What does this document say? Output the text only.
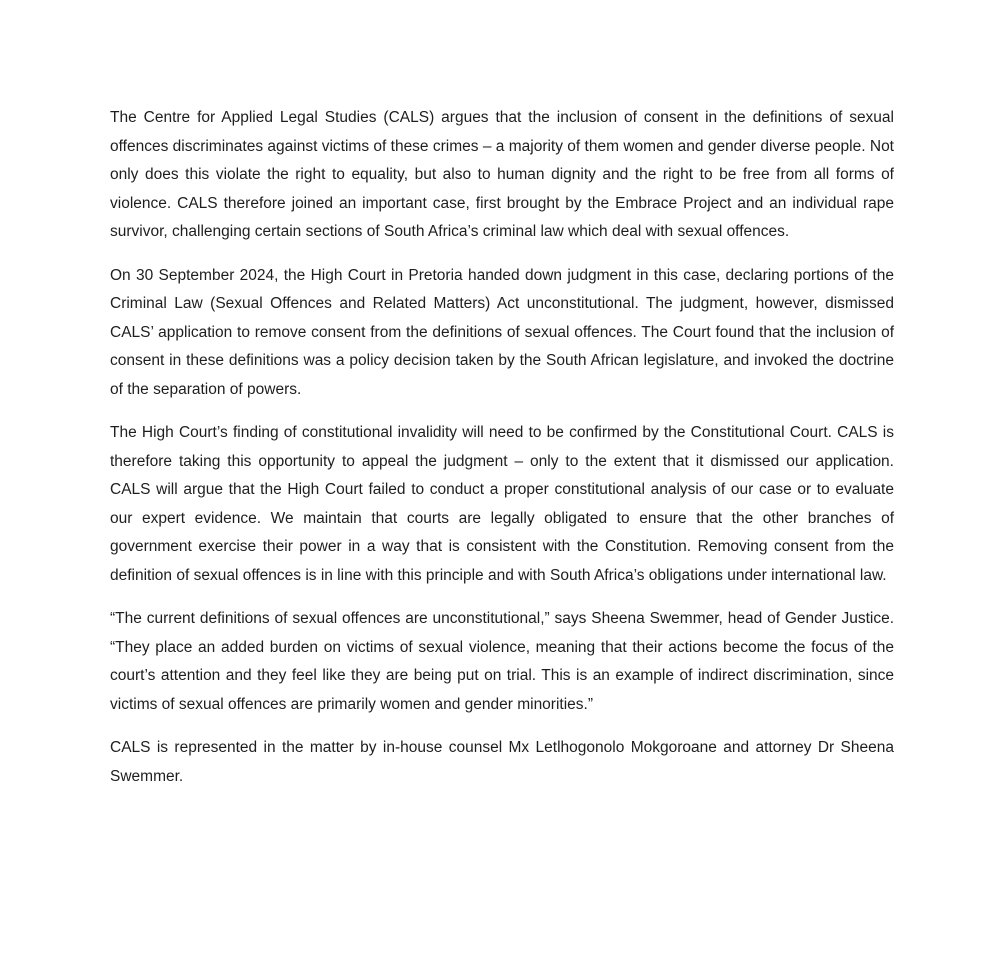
The Centre for Applied Legal Studies (CALS) argues that the inclusion of consent in the definitions of sexual offences discriminates against victims of these crimes – a majority of them women and gender diverse people. Not only does this violate the right to equality, but also to human dignity and the right to be free from all forms of violence. CALS therefore joined an important case, first brought by the Embrace Project and an individual rape survivor, challenging certain sections of South Africa’s criminal law which deal with sexual offences.

On 30 September 2024, the High Court in Pretoria handed down judgment in this case, declaring portions of the Criminal Law (Sexual Offences and Related Matters) Act unconstitutional. The judgment, however, dismissed CALS’ application to remove consent from the definitions of sexual offences. The Court found that the inclusion of consent in these definitions was a policy decision taken by the South African legislature, and invoked the doctrine of the separation of powers.

The High Court’s finding of constitutional invalidity will need to be confirmed by the Constitutional Court. CALS is therefore taking this opportunity to appeal the judgment – only to the extent that it dismissed our application. CALS will argue that the High Court failed to conduct a proper constitutional analysis of our case or to evaluate our expert evidence. We maintain that courts are legally obligated to ensure that the other branches of government exercise their power in a way that is consistent with the Constitution. Removing consent from the definition of sexual offences is in line with this principle and with South Africa’s obligations under international law.

“The current definitions of sexual offences are unconstitutional,” says Sheena Swemmer, head of Gender Justice. “They place an added burden on victims of sexual violence, meaning that their actions become the focus of the court’s attention and they feel like they are being put on trial. This is an example of indirect discrimination, since victims of sexual offences are primarily women and gender minorities.”

CALS is represented in the matter by in-house counsel Mx Letlhogonolo Mokgoroane and attorney Dr Sheena Swemmer.
